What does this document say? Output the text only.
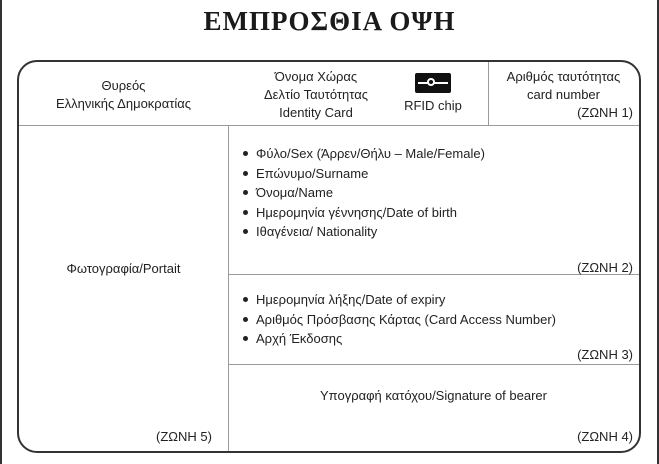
ΕΜΠΡΟΣΘΙΑ ΟΨΗ
Θυρεός
Ελληνικής Δημοκρατίας
Όνομα Χώρας
Δελτίο Ταυτότητας
Identity Card	RFID chip
Αριθμός ταυτότητας
card number
(ΖΩΝΗ 1)
Φωτογραφία/Portait
(ΖΩΝΗ 5)
Φύλο/Sex (Άρρεν/Θήλυ – Male/Female)
Επώνυμο/Surname
Όνομα/Name
Ημερομηνία γέννησης/Date of birth
Ιθαγένεια/ Nationality
(ΖΩΝΗ 2)
Ημερομηνία λήξης/Date of expiry
Αριθμός Πρόσβασης Κάρτας (Card Access Number)
Αρχή Έκδοσης
(ΖΩΝΗ 3)
Υπογραφή κατόχου/Signature of bearer
(ΖΩΝΗ 4)
